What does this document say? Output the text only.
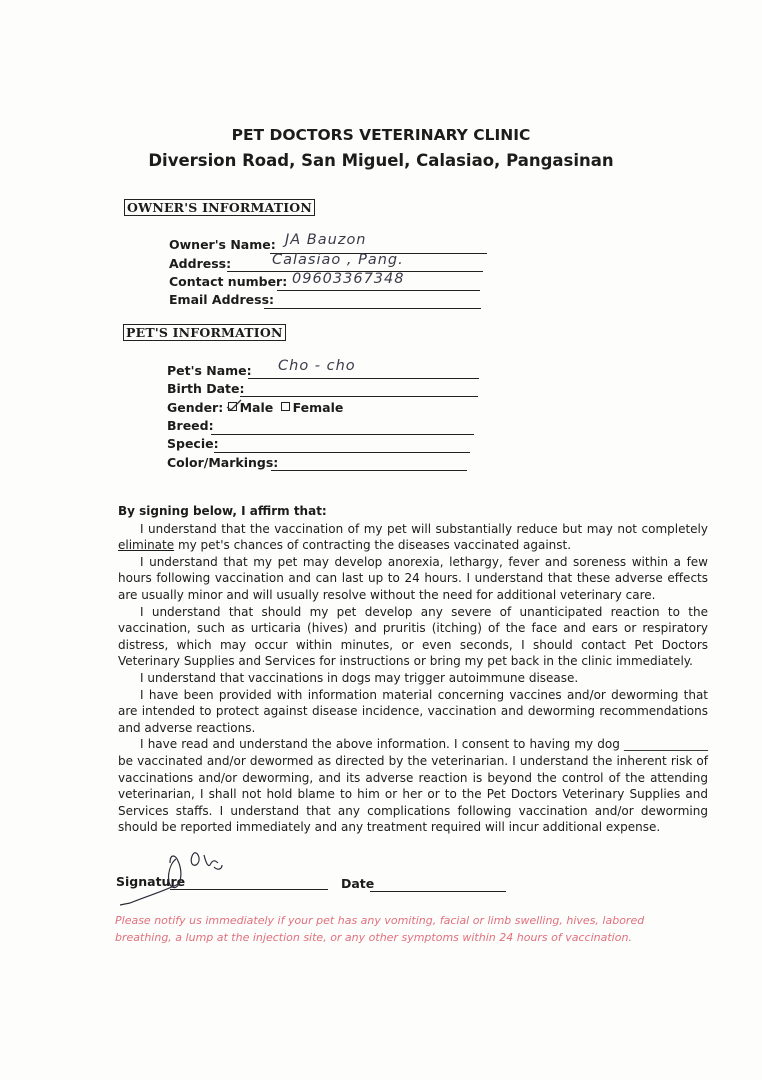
PET DOCTORS VETERINARY CLINIC
Diversion Road, San Miguel, Calasiao, Pangasinan
OWNER'S INFORMATION
Owner's Name: JA Bauzon
Address:	Calasiao , Pang.
Contact number: 09603367348
Email Address:
PET'S INFORMATION
Pet's Name: Cho - cho
Birth Date:
Gender: Male Female
Breed:
Specie:
Color/Markings:

By signing below, I affirm that:

I understand that the vaccination of my pet will substantially reduce but may not completely eliminate my pet's chances of contracting the diseases vaccinated against.

I understand that my pet may develop anorexia, lethargy, fever and soreness within a few hours following vaccination and can last up to 24 hours. I understand that these adverse effects are usually minor and will usually resolve without the need for additional veterinary care.

I understand that should my pet develop any severe of unanticipated reaction to the vaccination, such as urticaria (hives) and pruritis (itching) of the face and ears or respiratory distress, which may occur within minutes, or even seconds, I should contact Pet Doctors Veterinary Supplies and Services for instructions or bring my pet back in the clinic immediately.

I understand that vaccinations in dogs may trigger autoimmune disease.

I have been provided with information material concerning vaccines and/or deworming that are intended to protect against disease incidence, vaccination and deworming recommendations and adverse reactions.

I have read and understand the above information. I consent to having my dog ______________ be vaccinated and/or dewormed as directed by the veterinarian. I understand the inherent risk of vaccinations and/or deworming, and its adverse reaction is beyond the control of the attending veterinarian, I shall not hold blame to him or her or to the Pet Doctors Veterinary Supplies and Services staffs. I understand that any complications following vaccination and/or deworming should be reported immediately and any treatment required will incur additional expense.

Signature	Date
Please notify us immediately if your pet has any vomiting, facial or limb swelling, hives, labored breathing, a lump at the injection site, or any other symptoms within 24 hours of vaccination.
